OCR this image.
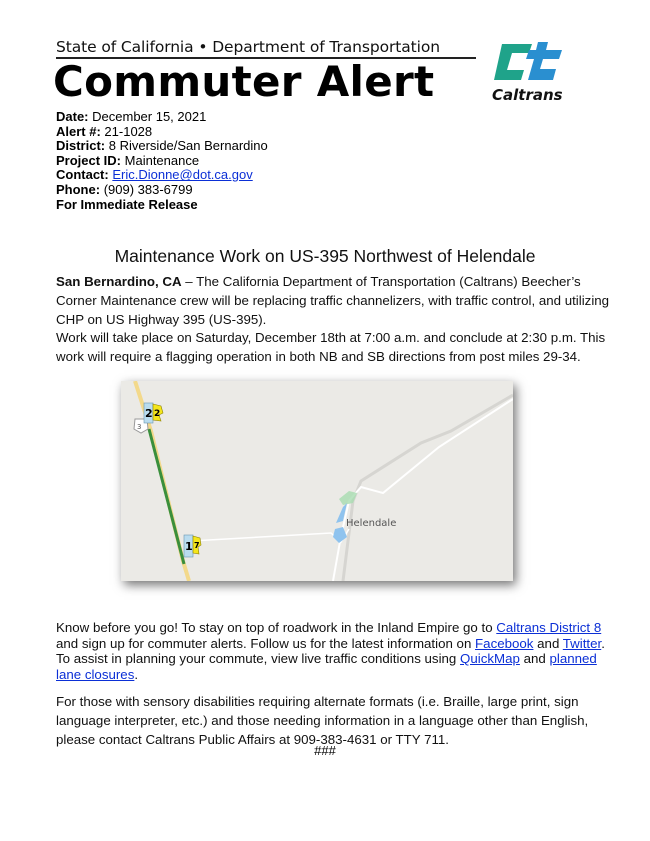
State of California • Department of Transportation
Commuter Alert	Caltrans
Date: December 15, 2021
Alert #: 21-1028
District: 8 Riverside/San Bernardino
Project ID: Maintenance
Contact: Eric.Dionne@dot.ca.gov
Phone: (909) 383-6799
For Immediate Release
Maintenance Work on US-395 Northwest of Helendale
San Bernardino, CA – The California Department of Transportation (Caltrans) Beecher’s Corner Maintenance crew will be replacing traffic channelizers, with traffic control, and utilizing CHP on US Highway 395 (US-395).
Work will take place on Saturday, December 18th at 7:00 a.m. and conclude at 2:30 p.m. This work will require a flagging operation in both NB and SB directions from post miles 29-34.
Helendale
3
2 2
1 7
Know before you go! To stay on top of roadwork in the Inland Empire go to Caltrans District 8 and sign up for commuter alerts. Follow us for the latest information on Facebook and Twitter. To assist in planning your commute, view live traffic conditions using QuickMap and planned lane closures.
For those with sensory disabilities requiring alternate formats (i.e. Braille, large print, sign language interpreter, etc.) and those needing information in a language other than English, please contact Caltrans Public Affairs at 909-383-4631 or TTY 711.
###
